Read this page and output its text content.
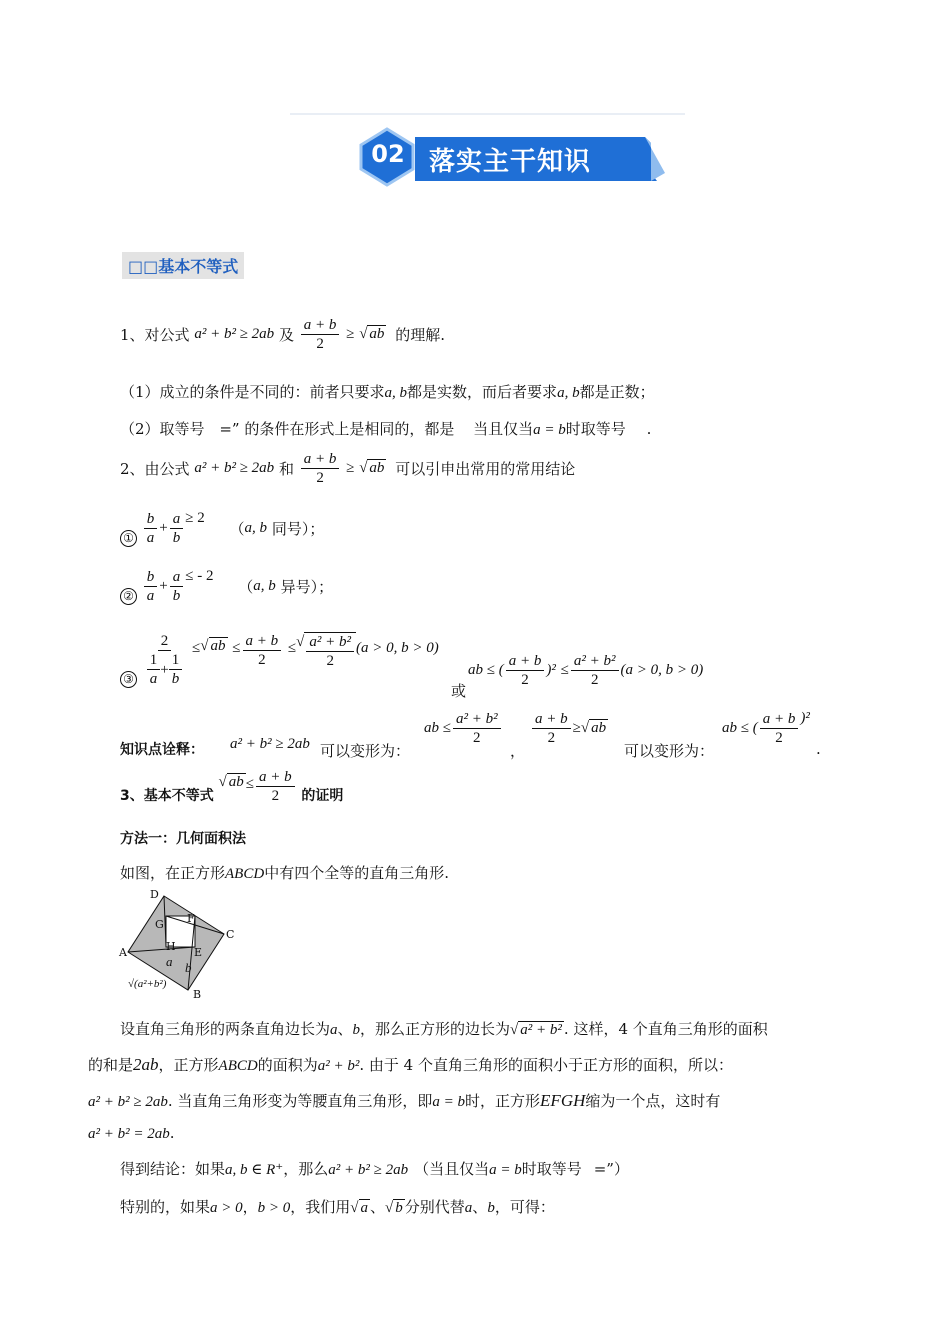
02 落实主干知识
□□基本不等式
1、对公式 a² + b² ≥ 2ab 及 $\frac{a + b}{2}$ ≥ √ ab 的理解.
（1）成立的条件是不同的：前者只要求a, b都是实数，而后者要求a, b都是正数；
（2）取等号 =” 的条件在形式上是相同的，都是 当且仅当a = b时取等号 .
2、由公式 a² + b² ≥ 2ab 和 $\frac{a + b}{2}$ ≥ √ ab 可以引申出常用的常用结论
① $\frac{b}{a} + \frac{a}{b} \ge 2$ （a, b 同号）；
② $\frac{b}{a} + \frac{a}{b}$ ≤ - 2 （a, b 异号）；
③ $\frac{2}{\frac{1}{a} + \frac{1}{b}}$ ≤√ ab ≤ $\frac{a + b}{2}$ ≤√ $\frac{\text{a² + b²}}{2} (a > 0$, b > 0)
或
ab ≤ ( $\frac{a + b}{2} )^2 \le \frac{\text{a² + b²}}{2} (a > 0$, b > 0)
知识点诠释： a² + b² ≥ 2ab 可以变形为：
ab ≤ $\frac{\text{a² + b²}}{2}$
，
$\frac{a + b}{2}$ ≥√ ab
可以变形为：
ab ≤ ( $\frac{a + b}{2} )^2$
.
3、基本不等式 √ ab ≤ $\frac{a + b}{2}$ 的证明
方法一：几何面积法
如图，在正方形ABCD中有四个全等的直角三角形.
D
C
A
B
G F
H E
a b
√(a²+b²)
设直角三角形的两条直角边长为a、b，那么正方形的边长为√ a² + b² . 这样，4 个直角三角形的面积
的和是2ab，正方形ABCD的面积为a² + b². 由于 4 个直角三角形的面积小于正方形的面积，所以：
a² + b² ≥ 2ab. 当直角三角形变为等腰直角三角形，即a = b时，正方形EFGH缩为一个点，这时有
a² + b² = 2ab.
得到结论：如果a, b ∈ R⁺，那么a² + b² ≥ 2ab （当且仅当a = b时取等号 =”）
特别的，如果a > 0，b > 0，我们用√ a 、√ b 分别代替a、b，可得：
